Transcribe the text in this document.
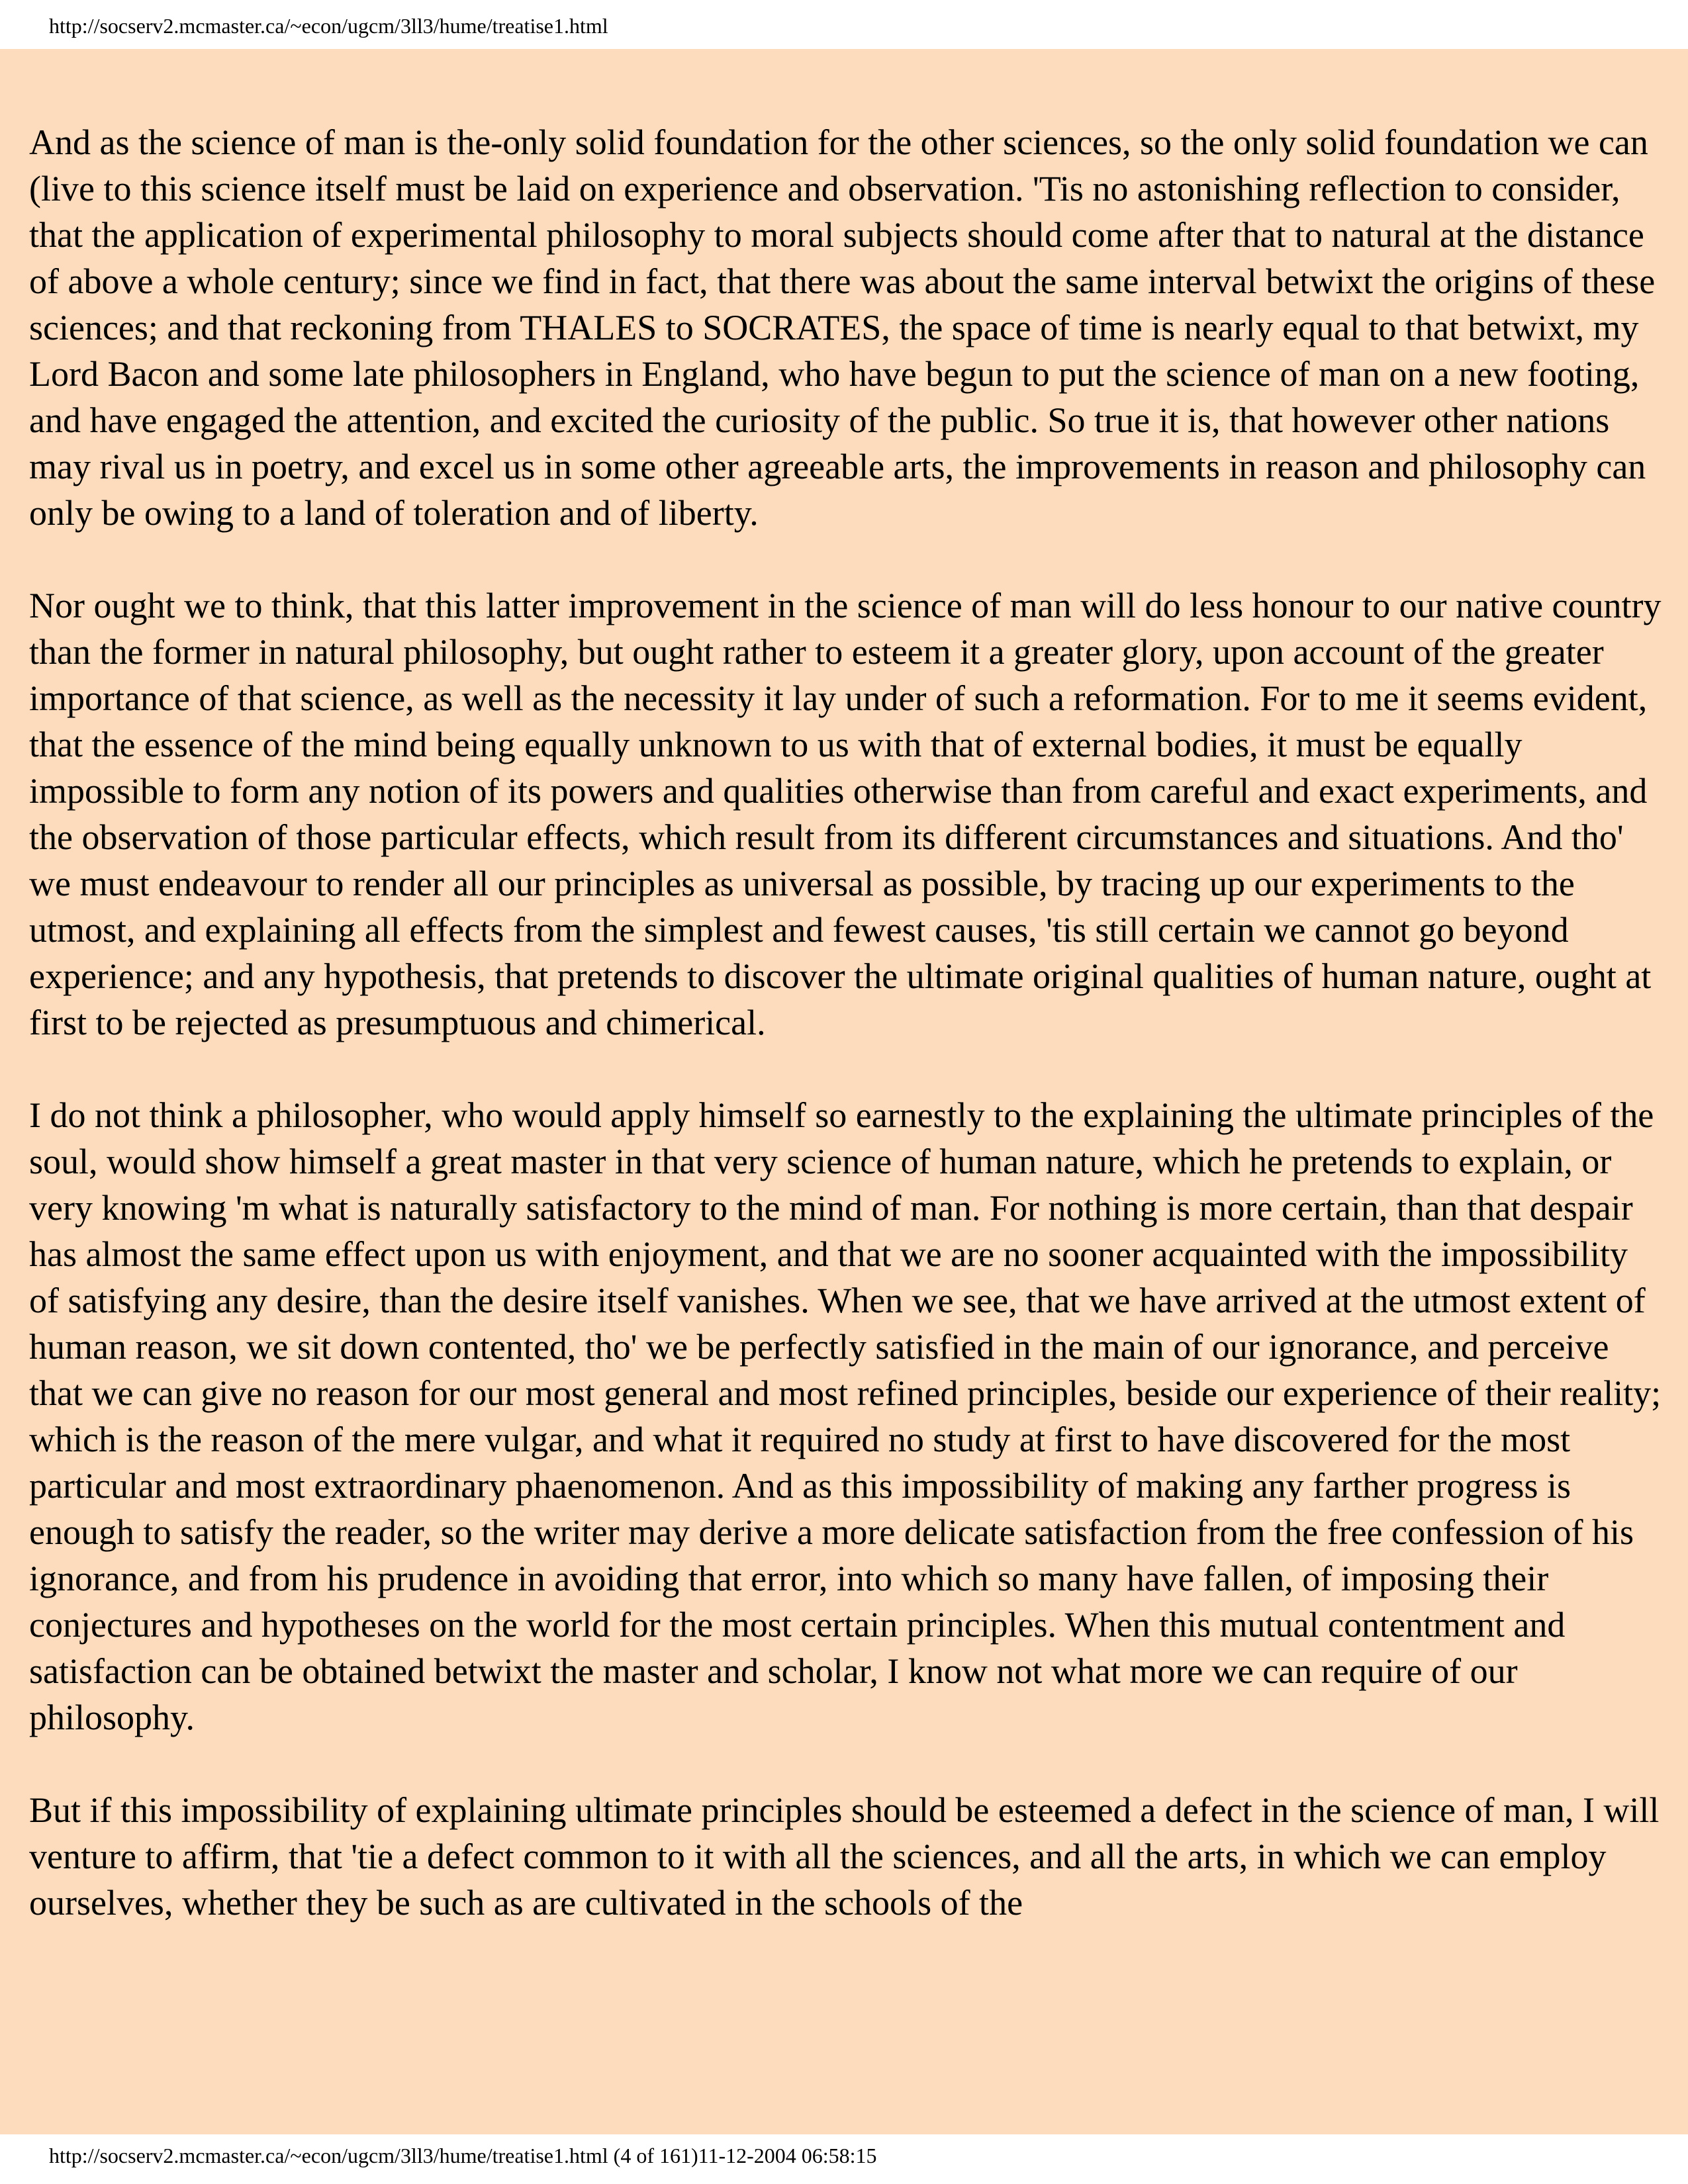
http://socserv2.mcmaster.ca/~econ/ugcm/3ll3/hume/treatise1.html

And as the science of man is the-only solid foundation for the other sciences, so the only solid foundation we can (live to this science itself must be laid on experience and observation. 'Tis no astonishing reflection to consider, that the application of experimental philosophy to moral subjects should come after that to natural at the distance of above a whole century; since we find in fact, that there was about the same interval betwixt the origins of these sciences; and that reckoning from THALES to SOCRATES, the space of time is nearly equal to that betwixt, my Lord Bacon and some late philosophers in England, who have begun to put the science of man on a new footing, and have engaged the attention, and excited the curiosity of the public. So true it is, that however other nations may rival us in poetry, and excel us in some other agreeable arts, the improvements in reason and philosophy can only be owing to a land of toleration and of liberty.

Nor ought we to think, that this latter improvement in the science of man will do less honour to our native country than the former in natural philosophy, but ought rather to esteem it a greater glory, upon account of the greater importance of that science, as well as the necessity it lay under of such a reformation. For to me it seems evident, that the essence of the mind being equally unknown to us with that of external bodies, it must be equally impossible to form any notion of its powers and qualities otherwise than from careful and exact experiments, and the observation of those particular effects, which result from its different circumstances and situations. And tho' we must endeavour to render all our principles as universal as possible, by tracing up our experiments to the utmost, and explaining all effects from the simplest and fewest causes, 'tis still certain we cannot go beyond experience; and any hypothesis, that pretends to discover the ultimate original qualities of human nature, ought at first to be rejected as presumptuous and chimerical.

I do not think a philosopher, who would apply himself so earnestly to the explaining the ultimate principles of the soul, would show himself a great master in that very science of human nature, which he pretends to explain, or very knowing 'm what is naturally satisfactory to the mind of man. For nothing is more certain, than that despair has almost the same effect upon us with enjoyment, and that we are no sooner acquainted with the impossibility of satisfying any desire, than the desire itself vanishes. When we see, that we have arrived at the utmost extent of human reason, we sit down contented, tho' we be perfectly satisfied in the main of our ignorance, and perceive that we can give no reason for our most general and most refined principles, beside our experience of their reality; which is the reason of the mere vulgar, and what it required no study at first to have discovered for the most particular and most extraordinary phaenomenon. And as this impossibility of making any farther progress is enough to satisfy the reader, so the writer may derive a more delicate satisfaction from the free confession of his ignorance, and from his prudence in avoiding that error, into which so many have fallen, of imposing their conjectures and hypotheses on the world for the most certain principles. When this mutual contentment and satisfaction can be obtained betwixt the master and scholar, I know not what more we can require of our philosophy.

But if this impossibility of explaining ultimate principles should be esteemed a defect in the science of man, I will venture to affirm, that 'tie a defect common to it with all the sciences, and all the arts, in which we can employ ourselves, whether they be such as are cultivated in the schools of the

http://socserv2.mcmaster.ca/~econ/ugcm/3ll3/hume/treatise1.html (4 of 161)11-12-2004 06:58:15
